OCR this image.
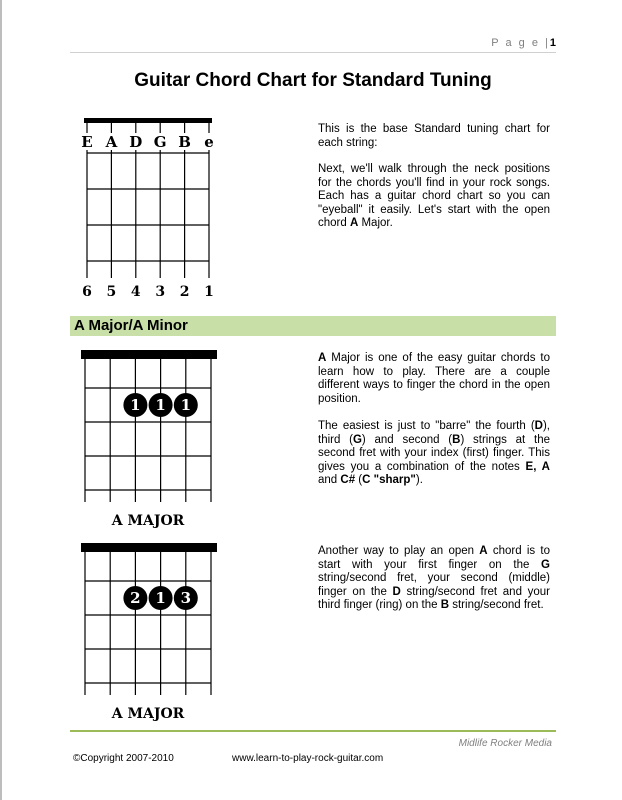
P a g e |1
Guitar Chord Chart for Standard Tuning
E A D G B e
6 5 4 3 2 1
This is the base Standard tuning chart for each string:
Next, we'll walk through the neck positions for the chords you'll find in your rock songs. Each has a guitar chord chart so you can "eyeball" it easily. Let's start with the open chord A Major.
A Major/A Minor
1 1 1
A MAJOR
A Major is one of the easy guitar chords to learn how to play. There are a couple different ways to finger the chord in the open position.
The easiest is just to "barre" the fourth (D), third (G) and second (B) strings at the second fret with your index (first) finger. This gives you a combination of the notes E, A and C# (C "sharp").
2 1 3
A MAJOR
Another way to play an open A chord is to start with your first finger on the G string/second fret, your second (middle) finger on the D string/second fret and your third finger (ring) on the B string/second fret.
Midlife Rocker Media
©Copyright 2007-2010	www.learn-to-play-rock-guitar.com
